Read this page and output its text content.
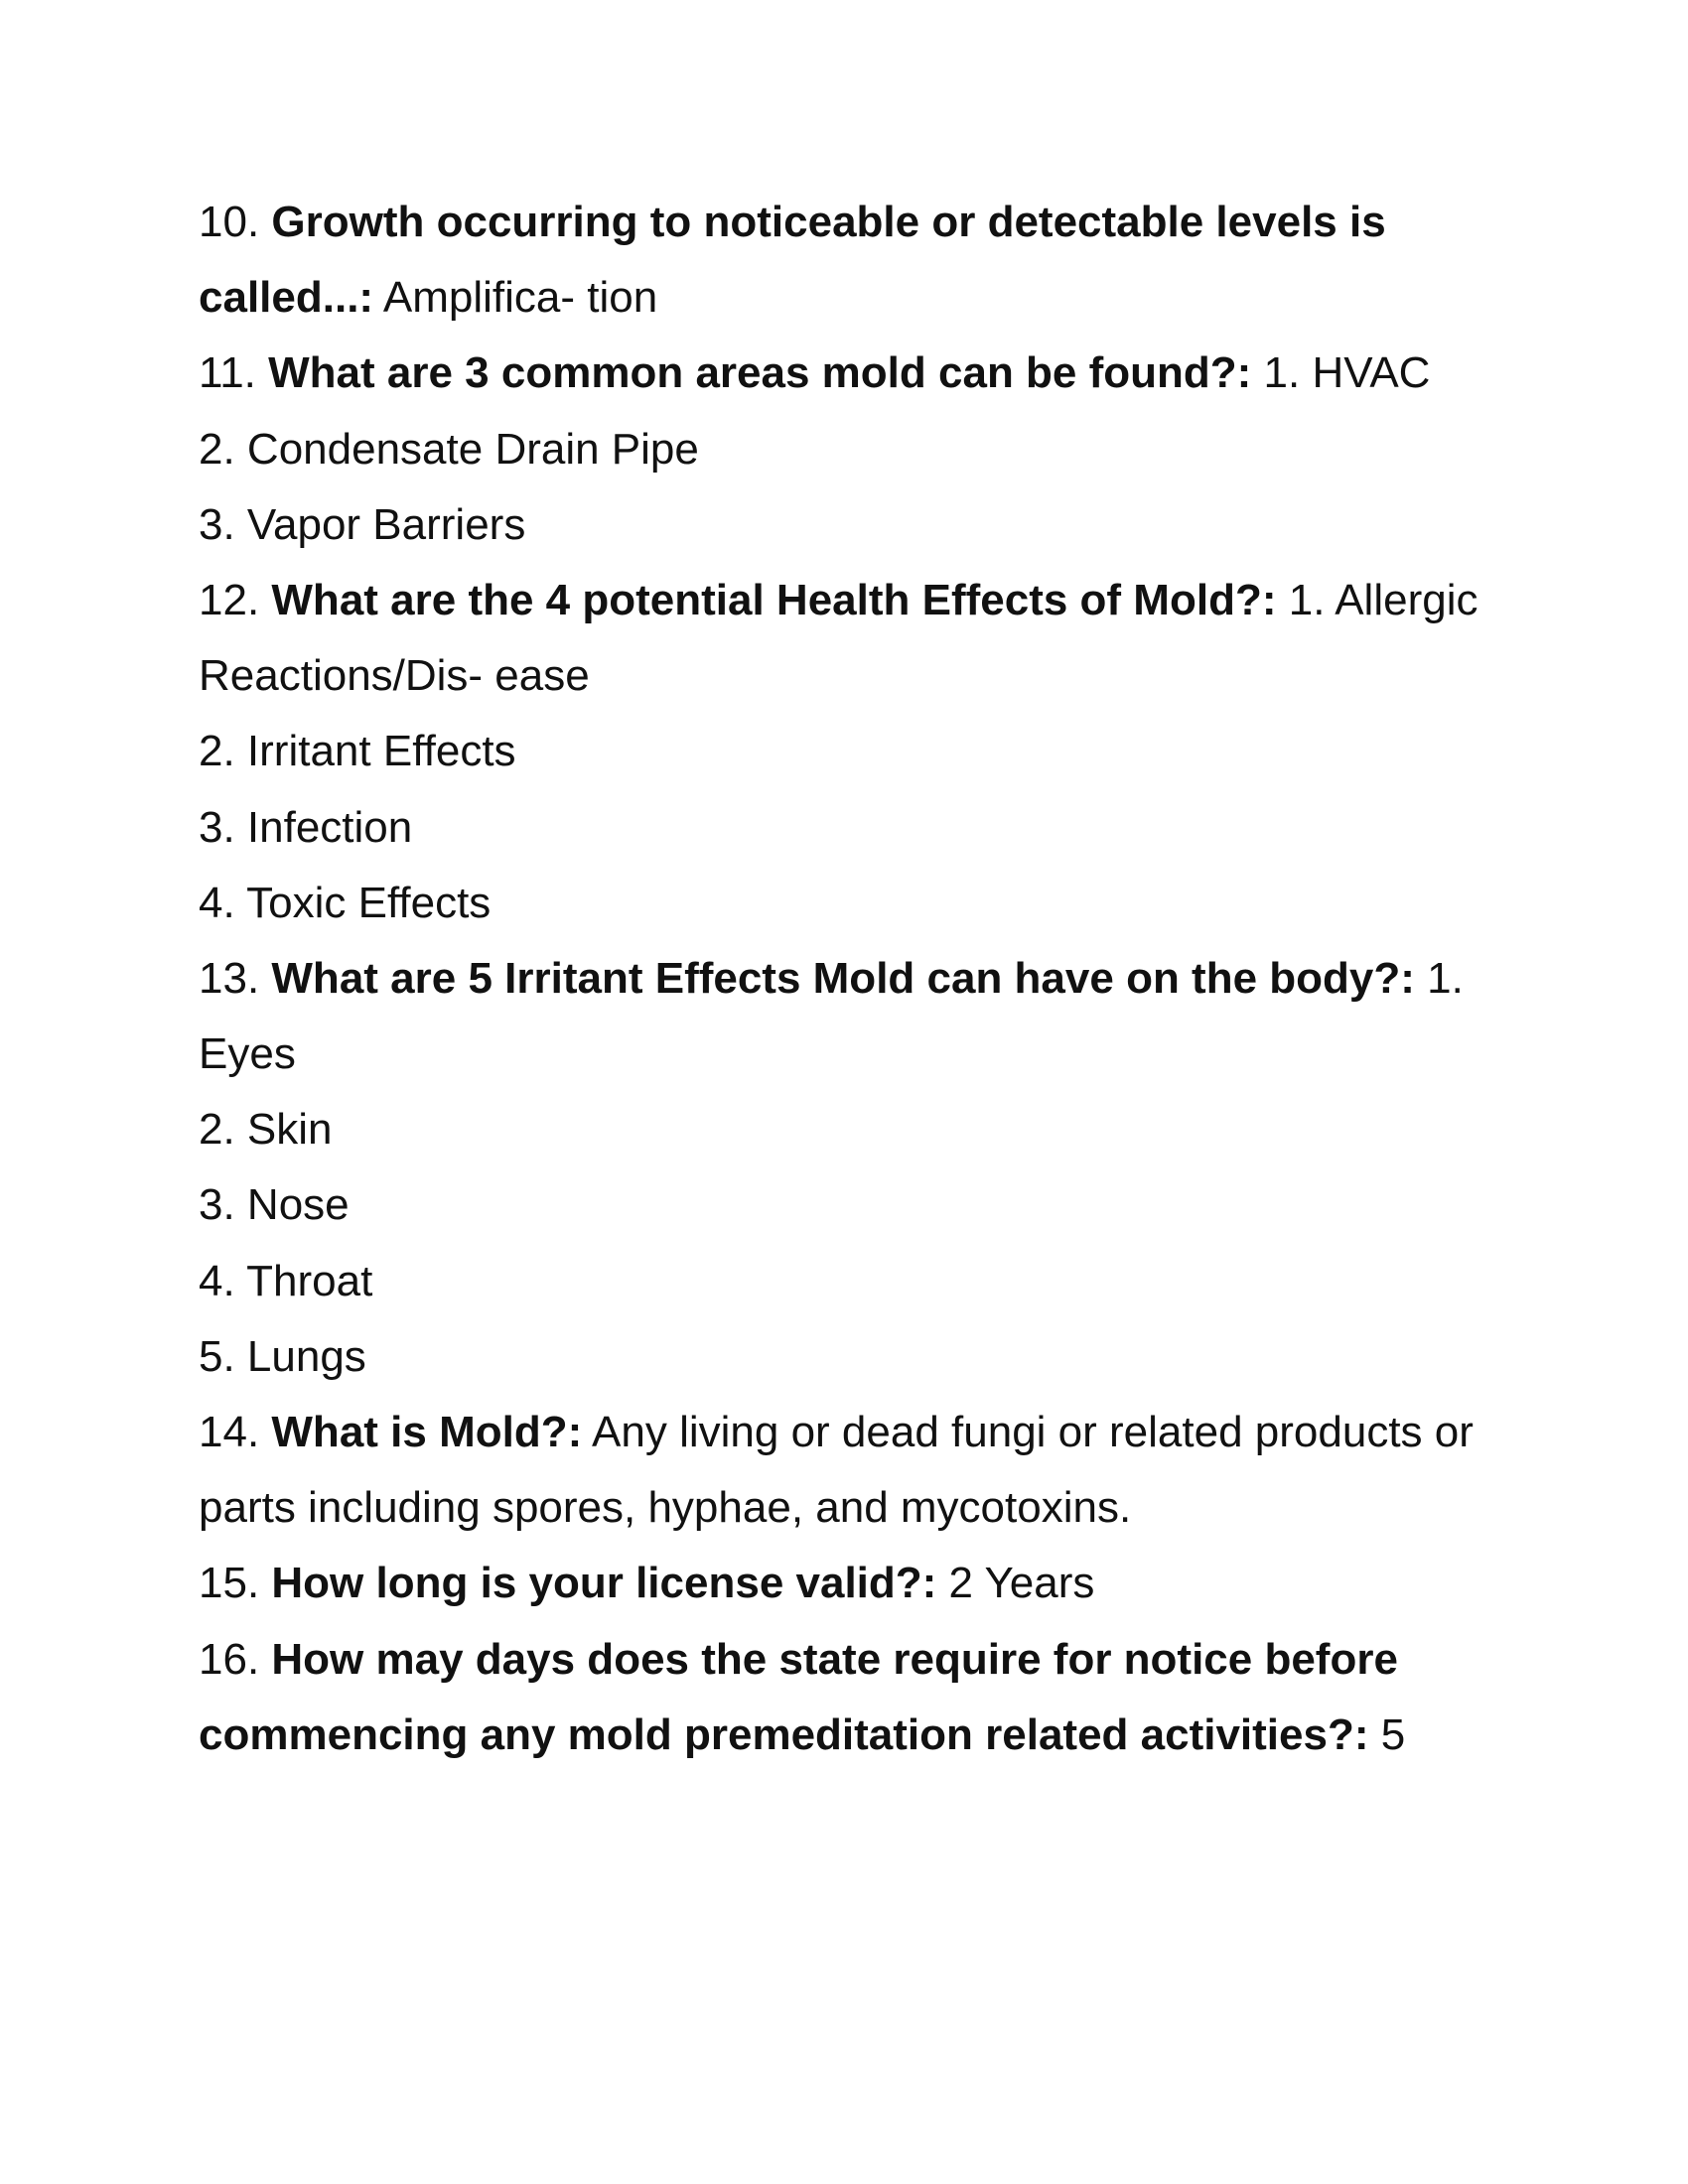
10. Growth occurring to noticeable or detectable levels is
called...: Amplifica- tion
11. What are 3 common areas mold can be found?: 1. HVAC
2. Condensate Drain Pipe
3. Vapor Barriers
12. What are the 4 potential Health Effects of Mold?: 1. Allergic
Reactions/Dis- ease
2. Irritant Effects
3. Infection
4. Toxic Effects
13. What are 5 Irritant Effects Mold can have on the body?: 1.
Eyes
2. Skin
3. Nose
4. Throat
5. Lungs
14. What is Mold?: Any living or dead fungi or related products or
parts including spores, hyphae, and mycotoxins.
15. How long is your license valid?: 2 Years
16. How may days does the state require for notice before
commencing any mold premeditation related activities?: 5
